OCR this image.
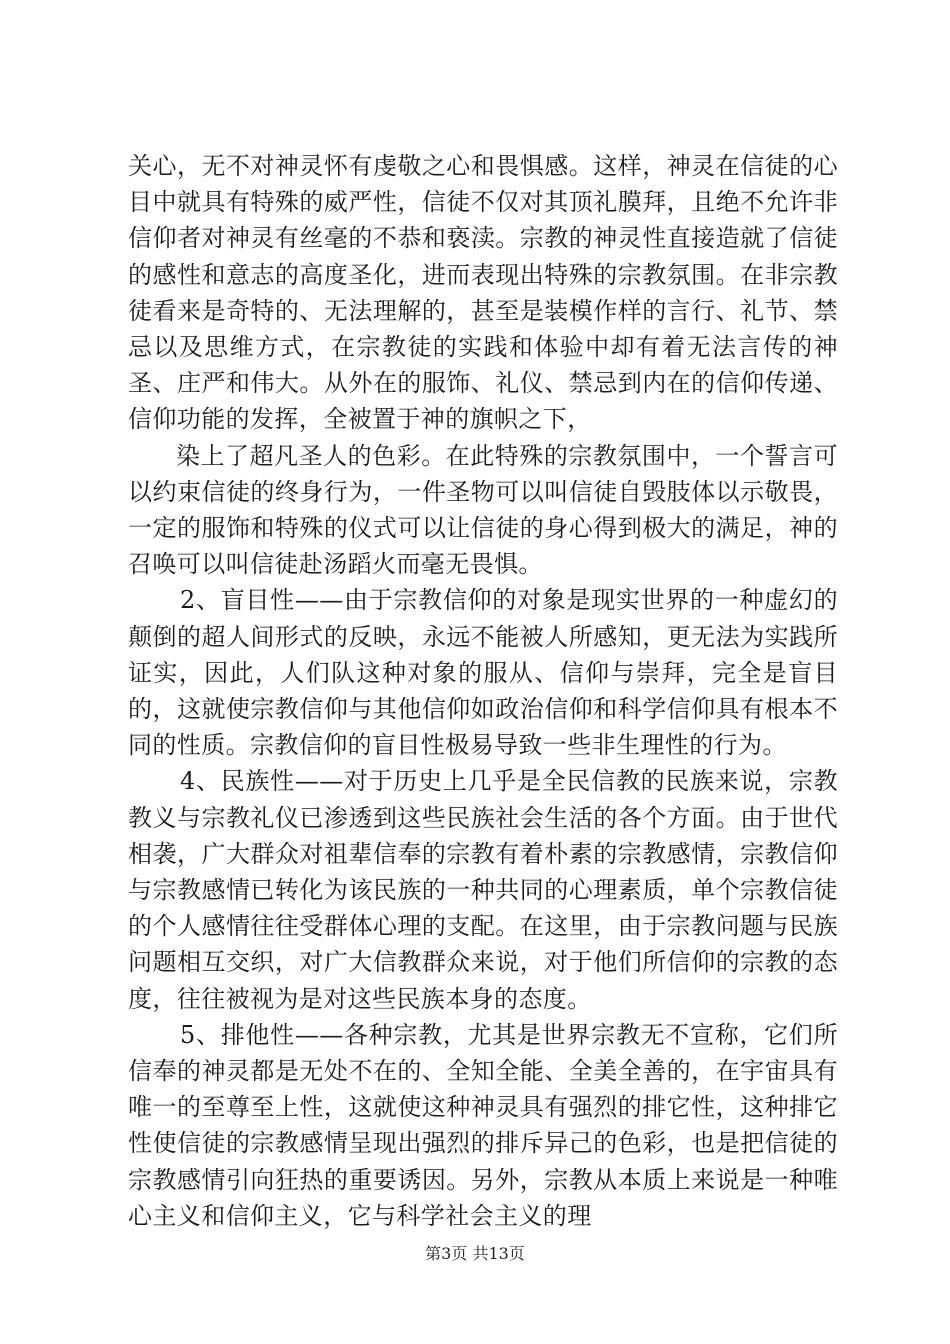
关心，无不对神灵怀有虔敬之心和畏惧感。这样，神灵在信徒的心目中就具有特殊的威严性，信徒不仅对其顶礼膜拜，且绝不允许非信仰者对神灵有丝毫的不恭和亵渎。宗教的神灵性直接造就了信徒的感性和意志的高度圣化，进而表现出特殊的宗教氛围。在非宗教徒看来是奇特的、无法理解的，甚至是装模作样的言行、礼节、禁忌以及思维方式，在宗教徒的实践和体验中却有着无法言传的神圣、庄严和伟大。从外在的服饰、礼仪、禁忌到内在的信仰传递、信仰功能的发挥，全被置于神的旗帜之下，

染上了超凡圣人的色彩。在此特殊的宗教氛围中，一个誓言可以约束信徒的终身行为，一件圣物可以叫信徒自毁肢体以示敬畏，一定的服饰和特殊的仪式可以让信徒的身心得到极大的满足，神的召唤可以叫信徒赴汤蹈火而毫无畏惧。

2、盲目性——由于宗教信仰的对象是现实世界的一种虚幻的颠倒的超人间形式的反映，永远不能被人所感知，更无法为实践所证实，因此，人们队这种对象的服从、信仰与崇拜，完全是盲目的，这就使宗教信仰与其他信仰如政治信仰和科学信仰具有根本不同的性质。宗教信仰的盲目性极易导致一些非生理性的行为。

4、民族性——对于历史上几乎是全民信教的民族来说，宗教教义与宗教礼仪已渗透到这些民族社会生活的各个方面。由于世代相袭，广大群众对祖辈信奉的宗教有着朴素的宗教感情，宗教信仰与宗教感情已转化为该民族的一种共同的心理素质，单个宗教信徒的个人感情往往受群体心理的支配。在这里，由于宗教问题与民族问题相互交织，对广大信教群众来说，对于他们所信仰的宗教的态度，往往被视为是对这些民族本身的态度。

5、排他性——各种宗教，尤其是世界宗教无不宣称，它们所信奉的神灵都是无处不在的、全知全能、全美全善的，在宇宙具有唯一的至尊至上性，这就使这种神灵具有强烈的排它性，这种排它性使信徒的宗教感情呈现出强烈的排斥异己的色彩，也是把信徒的宗教感情引向狂热的重要诱因。另外，宗教从本质上来说是一种唯心主义和信仰主义，它与科学社会主义的理

第3页 共13页
